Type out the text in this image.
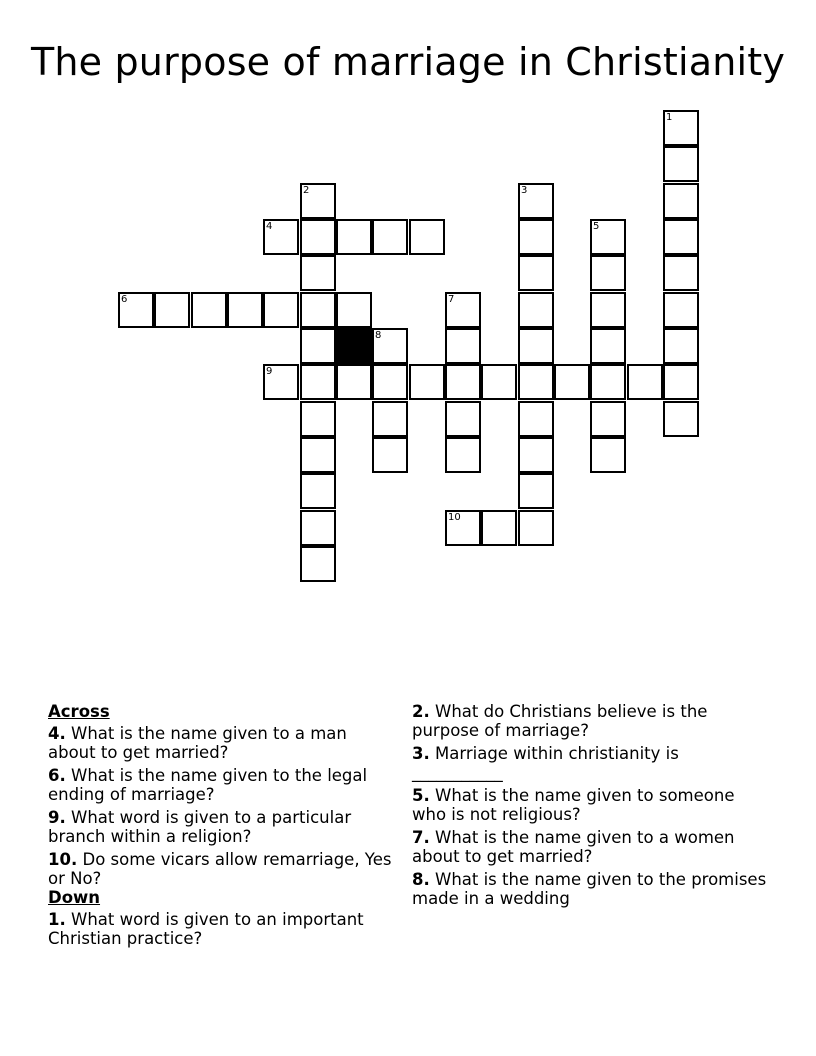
The purpose of marriage in Christianity
1
2	3
4	5
6	7
8
9
10

Across

4. What is the name given to a man about to get married?

6. What is the name given to the legal ending of marriage?

9. What word is given to a particular branch within a religion?

10. Do some vicars allow remarriage, Yes or No?

Down

1. What word is given to an important Christian practice?

2. What do Christians believe is the purpose of marriage?

3. Marriage within christianity is ___________

5. What is the name given to someone who is not religious?

7. What is the name given to a women about to get married?

8. What is the name given to the promises made in a wedding
